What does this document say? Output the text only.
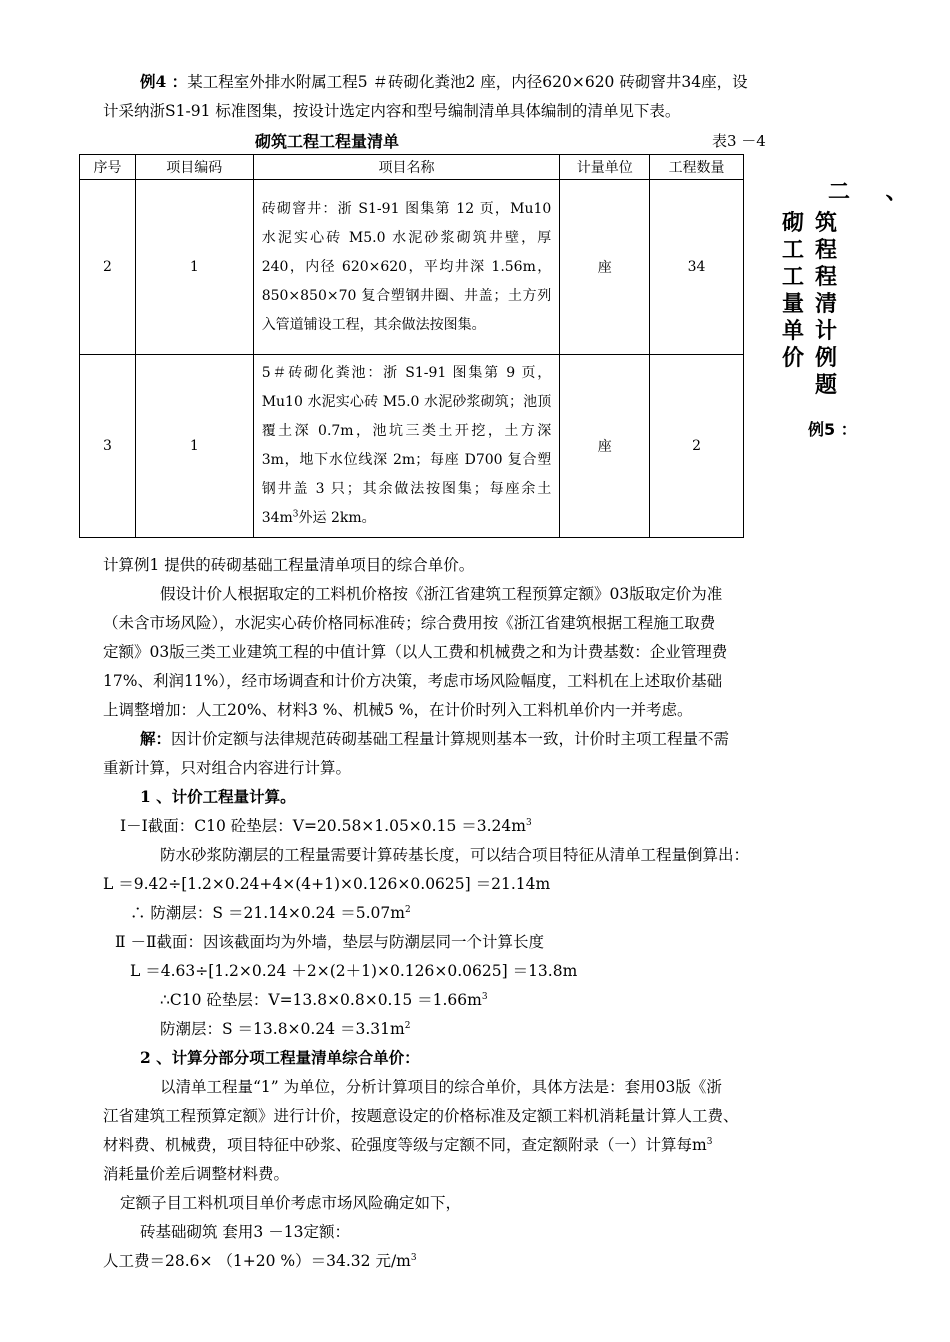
例4 ：某工程室外排水附属工程5 ＃砖砌化粪池2 座，内径620×620 砖砌窨井34座，设
计采纳浙S1-91 标准图集，按设计选定内容和型号编制清单具体编制的清单见下表。
砌筑工程工程量清单	表3 －4
序号	项目编码	项目名称	计量单位	工程数量
2	1	砖砌窨井：浙 S1-91 图集第 12 页，Mu10 水泥实心砖 M5.0 水泥砂浆砌筑井壁，厚 240，内径 620×620，平均井深 1.56m，850×850×70 复合塑钢井圈、井盖；土方列入管道铺设工程，其余做法按图集。	座	34
3	1	5＃砖砌化粪池：浙 S1-91 图集第 9 页，Mu10 水泥实心砖 M5.0 水泥砂浆砌筑；池顶覆土深 0.7m，池坑三类土开挖，土方深 3m，地下水位线深 2m；每座 D700 复合塑钢井盖 3 只；其余做法按图集；每座余土 $34m^3$外运 2km。	座	2
二 、
砌工工量单价
筑程程清计例题
例5 ：
计算例1 提供的砖砌基础工程量清单项目的综合单价。
假设计价人根据取定的工料机价格按《浙江省建筑工程预算定额》03版取定价为准
（未含市场风险），水泥实心砖价格同标准砖；综合费用按《浙江省建筑根据工程施工取费
定额》03版三类工业建筑工程的中值计算（以人工费和机械费之和为计费基数：企业管理费
17%、利润11%），经市场调查和计价方决策，考虑市场风险幅度，工料机在上述取价基础
上调整增加：人工20%、材料3 %、机械5 %，在计价时列入工料机单价内一并考虑。
解：因计价定额与法律规范砖砌基础工程量计算规则基本一致，计价时主项工程量不需
重新计算，只对组合内容进行计算。
1 、计价工程量计算。
Ⅰ－Ⅰ截面：C10 砼垫层：$V=20.58\times 1.05\times 0.15 =3.24m^3$
防水砂浆防潮层的工程量需要计算砖基长度，可以结合项目特征从清单工程量倒算出：
L ＝9.42÷[1.2×0.24+4×(4+1)×0.126×0.0625] ＝21.14m
∴ 防潮层：$S =21.14\times 0.24 =5.07m^2$
Ⅱ －Ⅱ截面：因该截面均为外墙，垫层与防潮层同一个计算长度
L ＝4.63÷[1.2×0.24 ＋2×(2＋1)×0.126×0.0625] ＝13.8m
∴C10 砼垫层：$V=13.8\times 0.8\times 0.15 =1.66m^3$
防潮层：$S =13.8\times 0.24 =3.31m^2$
2 、计算分部分项工程量清单综合单价：
以清单工程量“1” 为单位，分析计算项目的综合单价，具体方法是：套用03版《浙
江省建筑工程预算定额》进行计价，按题意设定的价格标准及定额工料机消耗量计算人工费、
材料费、机械费，项目特征中砂浆、砼强度等级与定额不同，查定额附录（一）计算每$m^3$
消耗量价差后调整材料费。
定额子目工料机项目单价考虑市场风险确定如下，
砖基础砌筑 套用3 －13定额：
人工费＝28.6× （1+20 %）＝34.32 元$/m^3$
